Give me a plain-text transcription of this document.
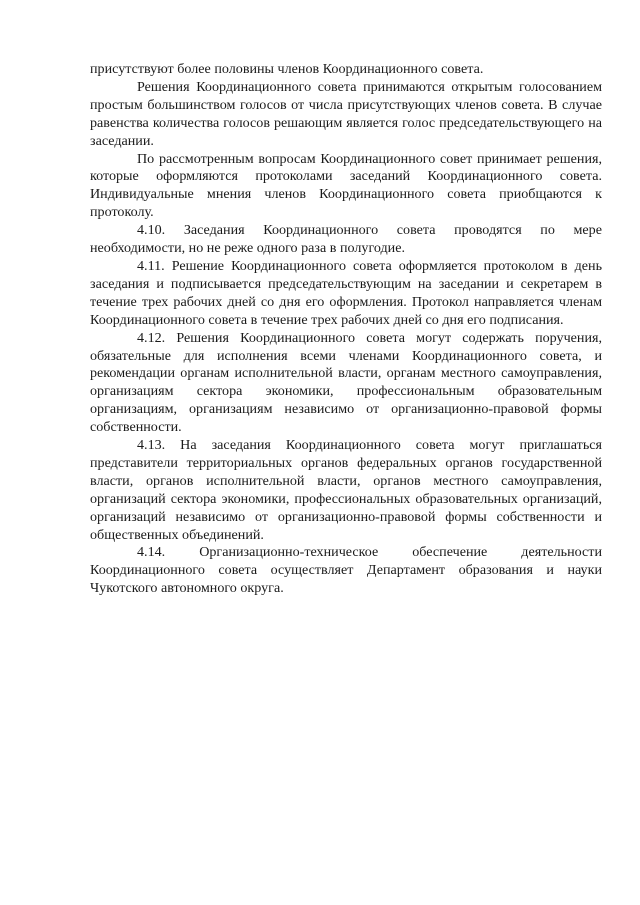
присутствуют более половины членов Координационного совета.

Решения Координационного совета принимаются открытым голосованием простым большинством голосов от числа присутствующих членов совета. В случае равенства количества голосов решающим является голос председательствующего на заседании.

По рассмотренным вопросам Координационного совет принимает решения, которые оформляются протоколами заседаний Координационного совета. Индивидуальные мнения членов Координационного совета приобщаются к протоколу.

4.10. Заседания Координационного совета проводятся по мере необходимости, но не реже одного раза в полугодие.

4.11. Решение Координационного совета оформляется протоколом в день заседания и подписывается председательствующим на заседании и секретарем в течение трех рабочих дней со дня его оформления. Протокол направляется членам Координационного совета в течение трех рабочих дней со дня его подписания.

4.12. Решения Координационного совета могут содержать поручения, обязательные для исполнения всеми членами Координационного совета, и рекомендации органам исполнительной власти, органам местного самоуправления, организациям сектора экономики, профессиональным образовательным организациям, организациям независимо от организационно-правовой формы собственности.

4.13. На заседания Координационного совета могут приглашаться представители территориальных органов федеральных органов государственной власти, органов исполнительной власти, органов местного самоуправления, организаций сектора экономики, профессиональных образовательных организаций, организаций независимо от организационно-правовой формы собственности и общественных объединений.

4.14. Организационно-техническое обеспечение деятельности Координационного совета осуществляет Департамент образования и науки Чукотского автономного округа.
